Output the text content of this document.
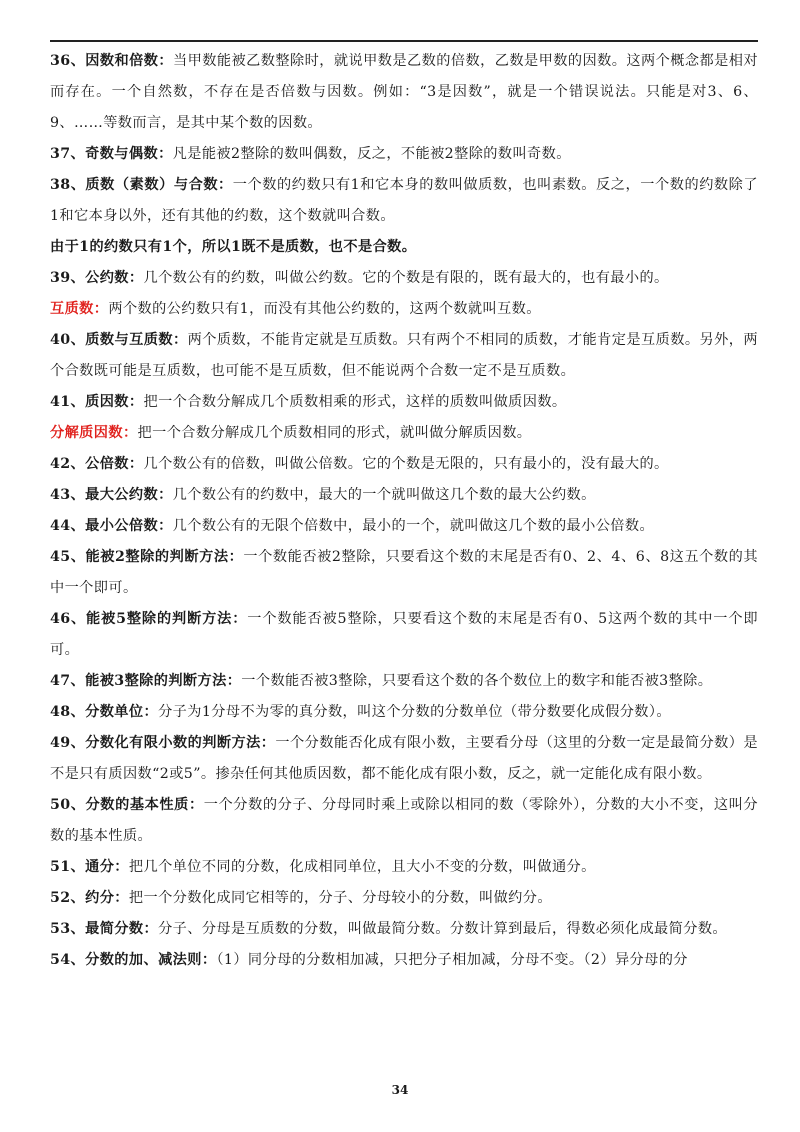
36、因数和倍数：当甲数能被乙数整除时，就说甲数是乙数的倍数，乙数是甲数的因数。这两个概念都是相对而存在。一个自然数，不存在是否倍数与因数。例如：“3是因数”，就是一个错误说法。只能是对3、6、9、……等数而言，是其中某个数的因数。

37、奇数与偶数：凡是能被2整除的数叫偶数，反之，不能被2整除的数叫奇数。

38、质数（素数）与合数：一个数的约数只有1和它本身的数叫做质数，也叫素数。反之，一个数的约数除了1和它本身以外，还有其他的约数，这个数就叫合数。

由于1的约数只有1个，所以1既不是质数，也不是合数。

39、公约数：几个数公有的约数，叫做公约数。它的个数是有限的，既有最大的，也有最小的。

互质数：两个数的公约数只有1，而没有其他公约数的，这两个数就叫互数。

40、质数与互质数：两个质数，不能肯定就是互质数。只有两个不相同的质数，才能肯定是互质数。另外，两个合数既可能是互质数，也可能不是互质数，但不能说两个合数一定不是互质数。

41、质因数：把一个合数分解成几个质数相乘的形式，这样的质数叫做质因数。

分解质因数：把一个合数分解成几个质数相同的形式，就叫做分解质因数。

42、公倍数：几个数公有的倍数，叫做公倍数。它的个数是无限的，只有最小的，没有最大的。

43、最大公约数：几个数公有的约数中，最大的一个就叫做这几个数的最大公约数。

44、最小公倍数：几个数公有的无限个倍数中，最小的一个，就叫做这几个数的最小公倍数。

45、能被2整除的判断方法：一个数能否被2整除，只要看这个数的末尾是否有0、2、4、6、8这五个数的其中一个即可。

46、能被5整除的判断方法：一个数能否被5整除，只要看这个数的末尾是否有0、5这两个数的其中一个即可。

47、能被3整除的判断方法：一个数能否被3整除，只要看这个数的各个数位上的数字和能否被3整除。

48、分数单位：分子为1分母不为零的真分数，叫这个分数的分数单位（带分数要化成假分数）。

49、分数化有限小数的判断方法：一个分数能否化成有限小数，主要看分母（这里的分数一定是最简分数）是不是只有质因数“2或5”。掺杂任何其他质因数，都不能化成有限小数，反之，就一定能化成有限小数。

50、分数的基本性质：一个分数的分子、分母同时乘上或除以相同的数（零除外），分数的大小不变，这叫分数的基本性质。

51、通分：把几个单位不同的分数，化成相同单位，且大小不变的分数，叫做通分。

52、约分：把一个分数化成同它相等的，分子、分母较小的分数，叫做约分。

53、最简分数：分子、分母是互质数的分数，叫做最简分数。分数计算到最后，得数必须化成最简分数。

54、分数的加、减法则：（1）同分母的分数相加减，只把分子相加减，分母不变。（2）异分母的分

34
